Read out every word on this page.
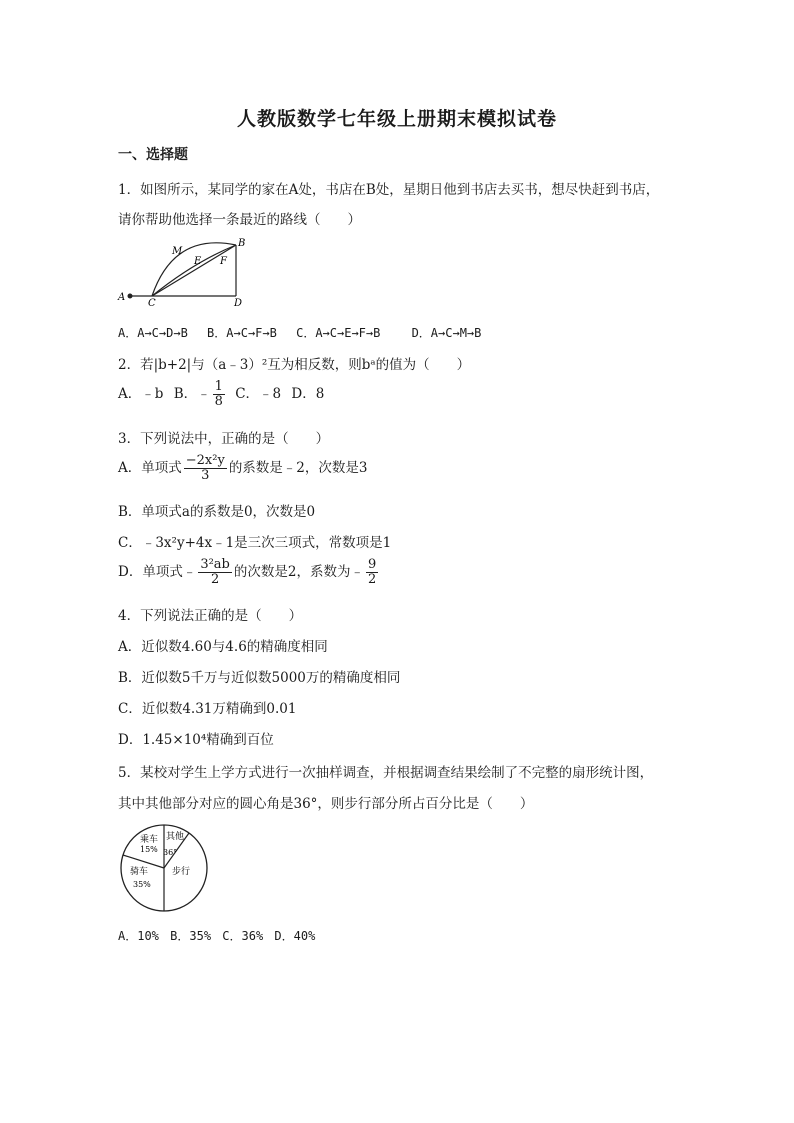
人教版数学七年级上册期末模拟试卷
一、选择题
1．如图所示，某同学的家在A处，书店在B处，星期日他到书店去买书，想尽快赶到书店，
请你帮助他选择一条最近的路线（　　）
A
C	D
B
M
E F
A．A→C→D→B B．A→C→F→B C．A→C→E→F→B	D．A→C→M→B
2．若|b+2|与（a﹣3）²互为相反数，则bᵃ的值为（　　）
A．﹣b B．﹣ $\frac{1}{8}$ C．﹣8 D．8
3．下列说法中，正确的是（　　）
A．单项式 $\frac{\text{−2x²y}}{3}$ 的系数是﹣2，次数是3
B．单项式a的系数是0，次数是0
C．﹣3x²y+4x﹣1是三次三项式，常数项是1
D．单项式﹣ $\frac{\text{3²ab}}{2}$ 的次数是2，系数为﹣ $\frac{9}{2}$
4．下列说法正确的是（　　）
A．近似数4.60与4.6的精确度相同
B．近似数5千万与近似数5000万的精确度相同
C．近似数4.31万精确到0.01
D．1.45×10⁴精确到百位
5．某校对学生上学方式进行一次抽样调查，并根据调查结果绘制了不完整的扇形统计图，
其中其他部分对应的圆心角是36°，则步行部分所占百分比是（　　）
乘车
15%
其他
36°
骑车
35%
步行
A．10% B．35% C．36% D．40%
